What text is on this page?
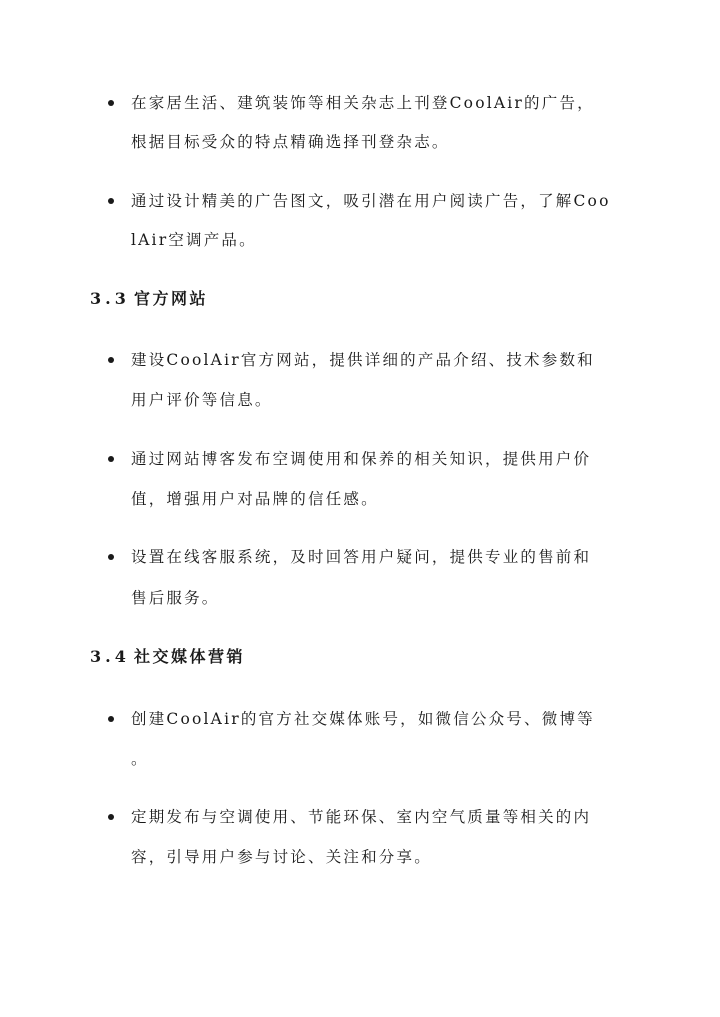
在家居生活、建筑装饰等相关杂志上刊登CoolAir的广告，
根据目标受众的特点精确选择刊登杂志。
通过设计精美的广告图文，吸引潜在用户阅读广告，了解Coo
lAir空调产品。
3.3 官方网站
建设CoolAir官方网站，提供详细的产品介绍、技术参数和
用户评价等信息。
通过网站博客发布空调使用和保养的相关知识，提供用户价
值，增强用户对品牌的信任感。
设置在线客服系统，及时回答用户疑问，提供专业的售前和
售后服务。
3.4 社交媒体营销
创建CoolAir的官方社交媒体账号，如微信公众号、微博等
。
定期发布与空调使用、节能环保、室内空气质量等相关的内
容，引导用户参与讨论、关注和分享。
